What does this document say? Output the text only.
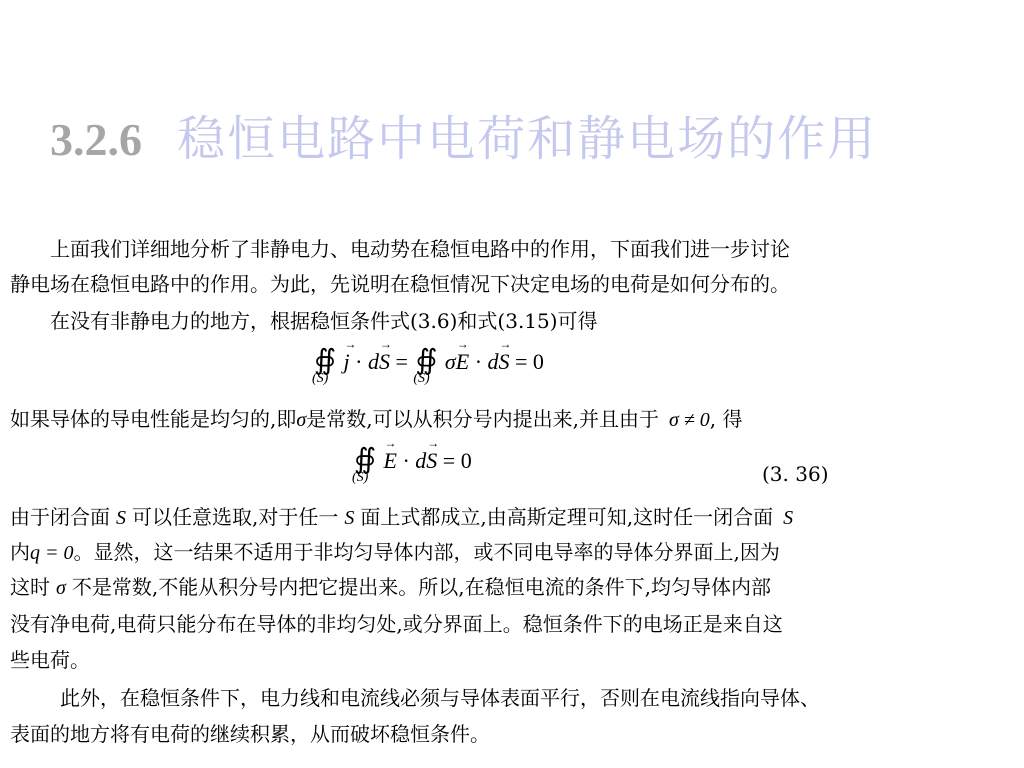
3.2.6 稳恒电路中电荷和静电场的作用
上面我们详细地分析了非静电力、电动势在稳恒电路中的作用，下面我们进一步讨论
静电场在稳恒电路中的作用。为此，先说明在稳恒情况下决定电场的电荷是如何分布的。
在没有非静电力的地方，根据稳恒条件式(3.6)和式(3.15)可得
∯
(S)
→ j · d→ S = ∯
(S)
σ→ E · d→ S = 0
如果导体的导电性能是均匀的,即σ是常数,可以从积分号内提出来,并且由于 σ ≠ 0, 得
∯
(S)
→ E · d→ S = 0
(3. 36)
由于闭合面 S 可以任意选取,对于任一 S 面上式都成立,由高斯定理可知,这时任一闭合面 S
内q = 0。显然，这一结果不适用于非均匀导体内部，或不同电导率的导体分界面上,因为
这时 σ 不是常数,不能从积分号内把它提出来。所以,在稳恒电流的条件下,均匀导体内部
没有净电荷,电荷只能分布在导体的非均匀处,或分界面上。稳恒条件下的电场正是来自这
些电荷。
此外，在稳恒条件下，电力线和电流线必须与导体表面平行，否则在电流线指向导体、
表面的地方将有电荷的继续积累，从而破坏稳恒条件。
